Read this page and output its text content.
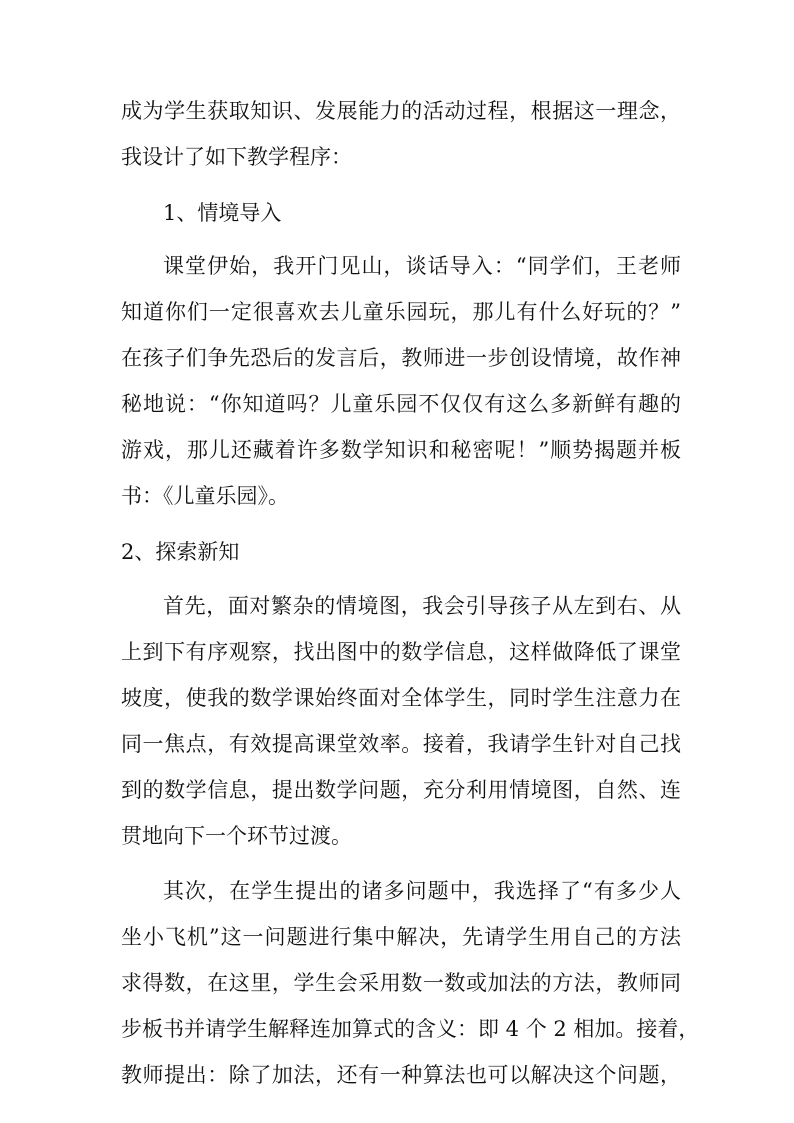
成为学生获取知识、发展能力的活动过程，根据这一理念，
我设计了如下教学程序：
1、情境导入
课堂伊始，我开门见山，谈话导入：“同学们，王老师
知道你们一定很喜欢去儿童乐园玩，那儿有什么好玩的？”
在孩子们争先恐后的发言后，教师进一步创设情境，故作神
秘地说：“你知道吗？儿童乐园不仅仅有这么多新鲜有趣的
游戏，那儿还藏着许多数学知识和秘密呢！”顺势揭题并板
书：《儿童乐园》。
2、探索新知
首先，面对繁杂的情境图，我会引导孩子从左到右、从
上到下有序观察，找出图中的数学信息，这样做降低了课堂
坡度，使我的数学课始终面对全体学生，同时学生注意力在
同一焦点，有效提高课堂效率。接着，我请学生针对自己找
到的数学信息，提出数学问题，充分利用情境图，自然、连
贯地向下一个环节过渡。
其次，在学生提出的诸多问题中，我选择了“有多少人
坐小飞机”这一问题进行集中解决，先请学生用自己的方法
求得数，在这里，学生会采用数一数或加法的方法，教师同
步板书并请学生解释连加算式的含义：即 4 个 2 相加。接着，
教师提出：除了加法，还有一种算法也可以解决这个问题，
